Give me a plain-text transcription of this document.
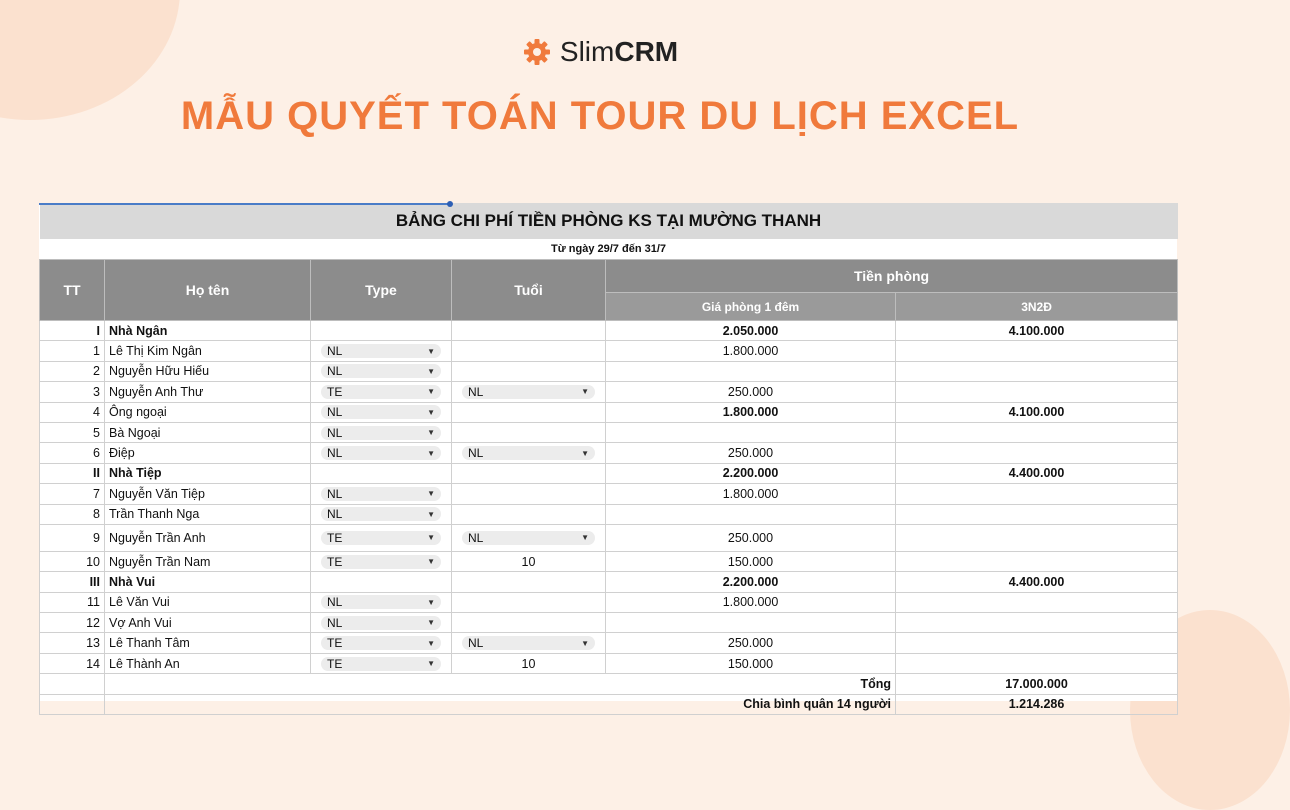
SlimCRM
MẪU QUYẾT TOÁN TOUR DU LỊCH EXCEL
BẢNG CHI PHÍ TIỀN PHÒNG KS TẠI MƯỜNG THANH					
Từ ngày 29/7 đến 31/7					
TT	Họ tên	Type	Tuổi	Tiền phòng	
				Giá phòng 1 đêm	3N2Đ
I	Nhà Ngân			2.050.000	4.100.000
1	Lê Thị Kim Ngân	NL ▼		1.800.000	
2	Nguyễn Hữu Hiếu	NL ▼			

3	Nguyễn Anh Thư	TE ▼	NL ▼	250.000	
4	Ông ngoại	NL ▼		1.800.000	4.100.000
5	Bà Ngoại	NL ▼			

6	Điệp	NL ▼	NL ▼	250.000	
II	Nhà Tiệp			2.200.000	4.400.000
7	Nguyễn Văn Tiệp	NL ▼		1.800.000	
8	Trần Thanh Nga	NL ▼			

9	Nguyễn Trần Anh	TE ▼	NL ▼	250.000	
10	Nguyễn Trần Nam	TE ▼	10	150.000	
III	Nhà Vui			2.200.000	4.400.000
11	Lê Văn Vui	NL ▼		1.800.000	
12	Vợ Anh Vui	NL ▼			

13	Lê Thanh Tâm	TE ▼	NL ▼	250.000	
14	Lê Thành An	TE ▼	10	150.000	
	Tổng				17.000.000
	Chia bình quân 14 người				1.214.286
